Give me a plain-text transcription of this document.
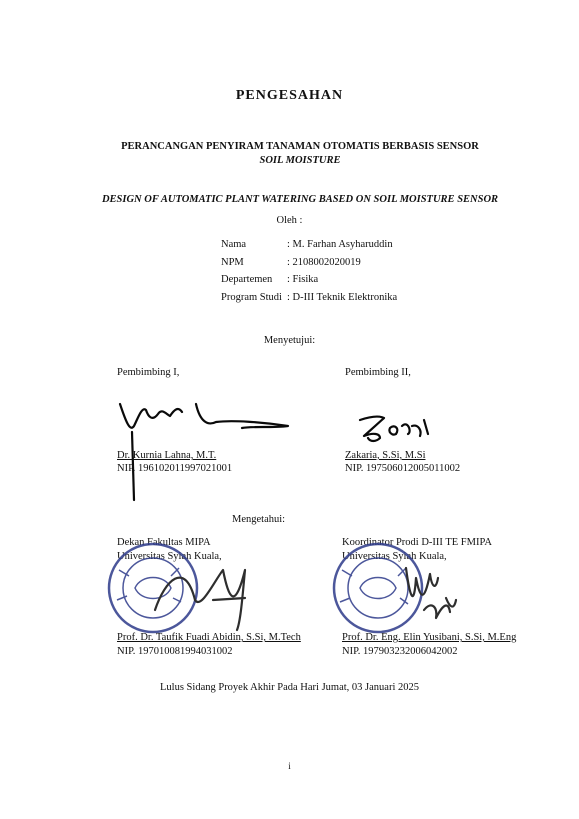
PENGESAHAN
PERANCANGAN PENYIRAM TANAMAN OTOMATIS BERBASIS SENSOR SOIL MOISTURE
DESIGN OF AUTOMATIC PLANT WATERING BASED ON SOIL MOISTURE SENSOR
Oleh :
Nama	: M. Farhan Asyharuddin
NPM	: 2108002020019
Departemen	: Fisika
Program Studi : D-III Teknik Elektronika
Menyetujui:
Pembimbing I,
Dr. Kurnia Lahna, M.T.
NIP. 196102011997021001
Pembimbing II,
Zakaria, S.Si, M.Si
NIP. 197506012005011002
Mengetahui:
Dekan Fakultas MIPA
Universitas Syiah Kuala,
Prof. Dr. Taufik Fuadi Abidin, S.Si, M.Tech
NIP. 197010081994031002
Koordinator Prodi D-III TE FMIPA
Universitas Syiah Kuala,
Prof. Dr. Eng. Elin Yusibani, S.Si, M.Eng
NIP. 197903232006042002
Lulus Sidang Proyek Akhir Pada Hari Jumat, 03 Januari 2025
i
